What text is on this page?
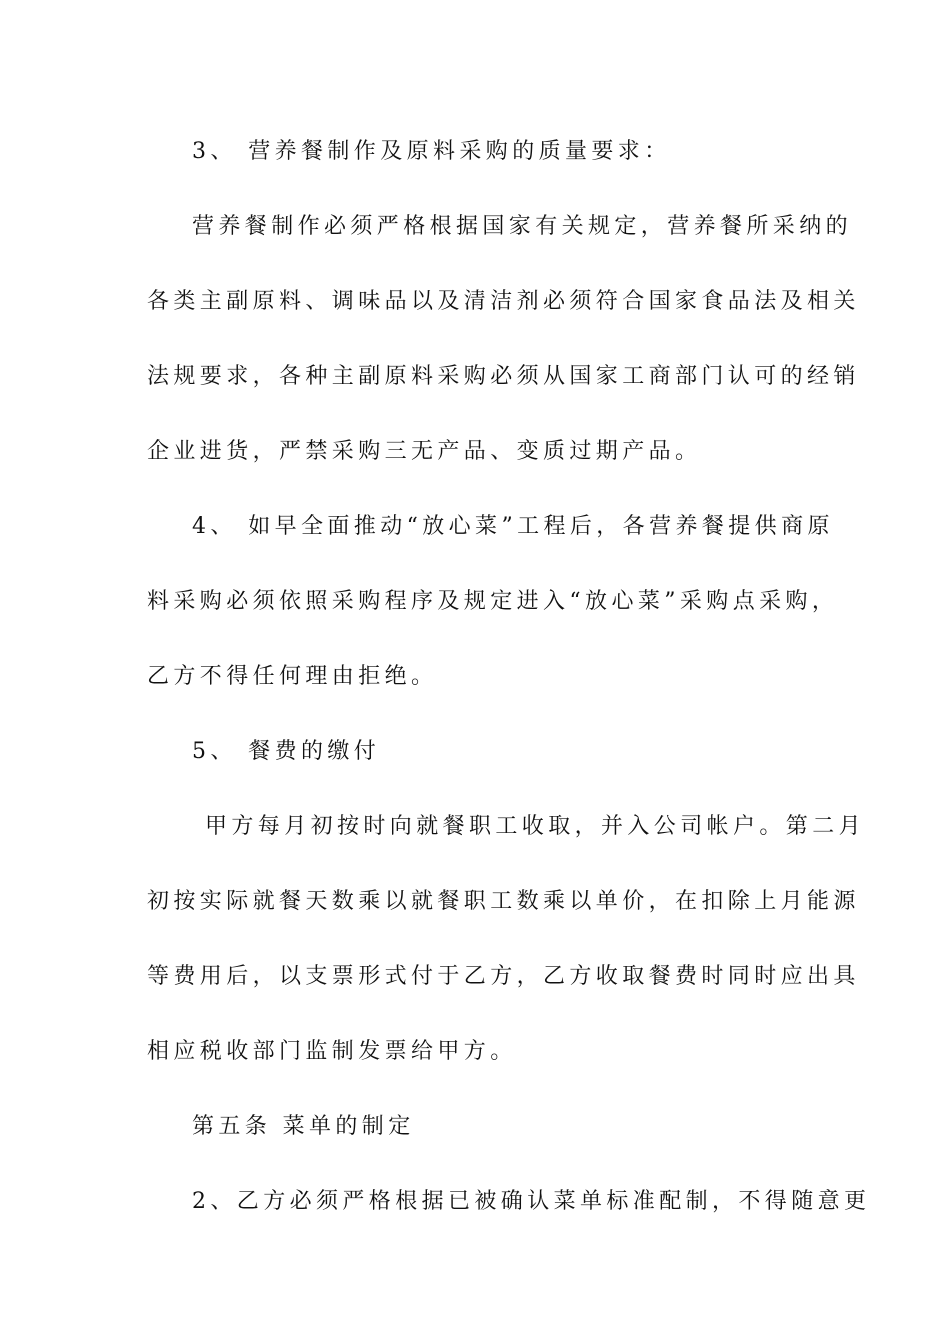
3、 营养餐制作及原料采购的质量要求：
营养餐制作必须严格根据国家有关规定，营养餐所采纳的
各类主副原料、调味品以及清洁剂必须符合国家食品法及相关
法规要求，各种主副原料采购必须从国家工商部门认可的经销
企业进货，严禁采购三无产品、变质过期产品。
4、 如早全面推动“放心菜”工程后，各营养餐提供商原
料采购必须依照采购程序及规定进入“放心菜”采购点采购，
乙方不得任何理由拒绝。
5、 餐费的缴付
甲方每月初按时向就餐职工收取，并入公司帐户。第二月
初按实际就餐天数乘以就餐职工数乘以单价，在扣除上月能源
等费用后，以支票形式付于乙方，乙方收取餐费时同时应出具
相应税收部门监制发票给甲方。
第五条 菜单的制定
2、乙方必须严格根据已被确认菜单标准配制，不得随意更
